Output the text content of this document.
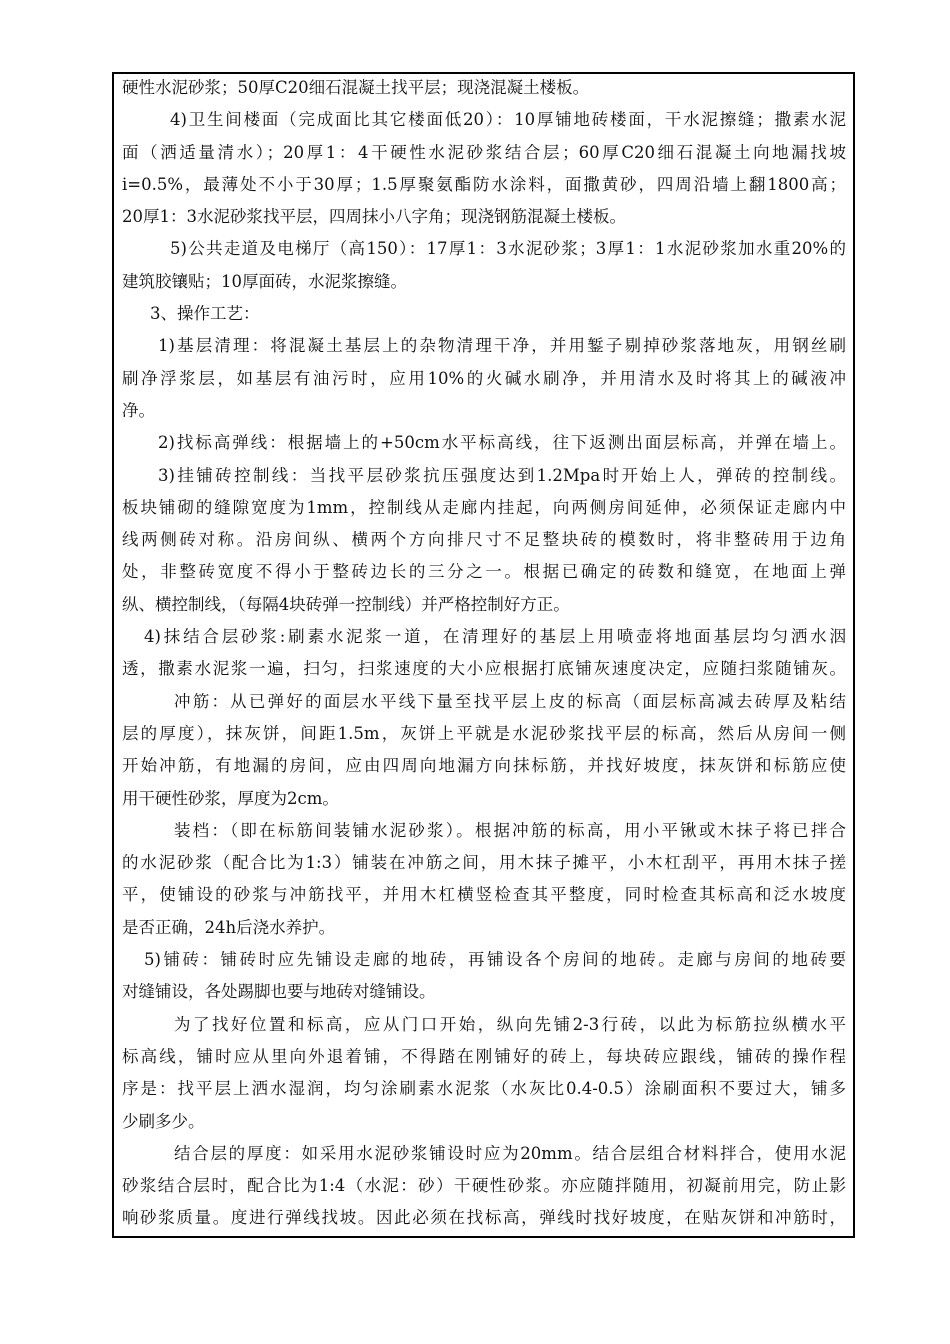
硬性水泥砂浆；50厚C20细石混凝土找平层；现浇混凝土楼板。
4)卫生间楼面（完成面比其它楼面低20）：10厚铺地砖楼面，干水泥擦缝；撒素水泥
面（洒适量清水）；20厚1：4干硬性水泥砂浆结合层；60厚C20细石混凝土向地漏找坡
i=0.5%，最薄处不小于30厚；1.5厚聚氨酯防水涂料，面撒黄砂，四周沿墙上翻1800高；
20厚1：3水泥砂浆找平层，四周抹小八字角；现浇钢筋混凝土楼板。
5)公共走道及电梯厅（高150）：17厚1：3水泥砂浆；3厚1：1水泥砂浆加水重20%的
建筑胶镶贴；10厚面砖，水泥浆擦缝。
3、操作工艺：
1)基层清理：将混凝土基层上的杂物清理干净，并用錾子剔掉砂浆落地灰，用钢丝刷
刷净浮浆层，如基层有油污时，应用10%的火碱水刷净，并用清水及时将其上的碱液冲
净。
2)找标高弹线：根据墙上的+50cm水平标高线，往下返测出面层标高，并弹在墙上。
3)挂铺砖控制线：当找平层砂浆抗压强度达到1.2Mpa时开始上人，弹砖的控制线。
板块铺砌的缝隙宽度为1mm，控制线从走廊内挂起，向两侧房间延伸，必须保证走廊内中
线两侧砖对称。沿房间纵、横两个方向排尺寸不足整块砖的模数时，将非整砖用于边角
处，非整砖宽度不得小于整砖边长的三分之一。根据已确定的砖数和缝宽，在地面上弹
纵、横控制线，（每隔4块砖弹一控制线）并严格控制好方正。
4)抹结合层砂浆:刷素水泥浆一道，在清理好的基层上用喷壶将地面基层均匀洒水洇
透，撒素水泥浆一遍，扫匀，扫浆速度的大小应根据打底铺灰速度决定，应随扫浆随铺灰。
冲筋：从已弹好的面层水平线下量至找平层上皮的标高（面层标高减去砖厚及粘结
层的厚度），抹灰饼，间距1.5m，灰饼上平就是水泥砂浆找平层的标高，然后从房间一侧
开始冲筋，有地漏的房间，应由四周向地漏方向抹标筋，并找好坡度，抹灰饼和标筋应使
用干硬性砂浆，厚度为2cm。
装档：（即在标筋间装铺水泥砂浆）。根据冲筋的标高，用小平锹或木抹子将已拌合
的水泥砂浆（配合比为1:3）铺装在冲筋之间，用木抹子摊平，小木杠刮平，再用木抹子搓
平，使铺设的砂浆与冲筋找平，并用木杠横竖检查其平整度，同时检查其标高和泛水坡度
是否正确，24h后浇水养护。
5)铺砖：铺砖时应先铺设走廊的地砖，再铺设各个房间的地砖。走廊与房间的地砖要
对缝铺设，各处踢脚也要与地砖对缝铺设。
为了找好位置和标高，应从门口开始，纵向先铺2-3行砖，以此为标筋拉纵横水平
标高线，铺时应从里向外退着铺，不得踏在刚铺好的砖上，每块砖应跟线，铺砖的操作程
序是：找平层上洒水湿润，均匀涂刷素水泥浆（水灰比0.4-0.5）涂刷面积不要过大，铺多
少刷多少。
结合层的厚度：如采用水泥砂浆铺设时应为20mm。结合层组合材料拌合，使用水泥
砂浆结合层时，配合比为1:4（水泥：砂）干硬性砂浆。亦应随拌随用，初凝前用完，防止影
响砂浆质量。度进行弹线找坡。因此必须在找标高，弹线时找好坡度，在贴灰饼和冲筋时，
